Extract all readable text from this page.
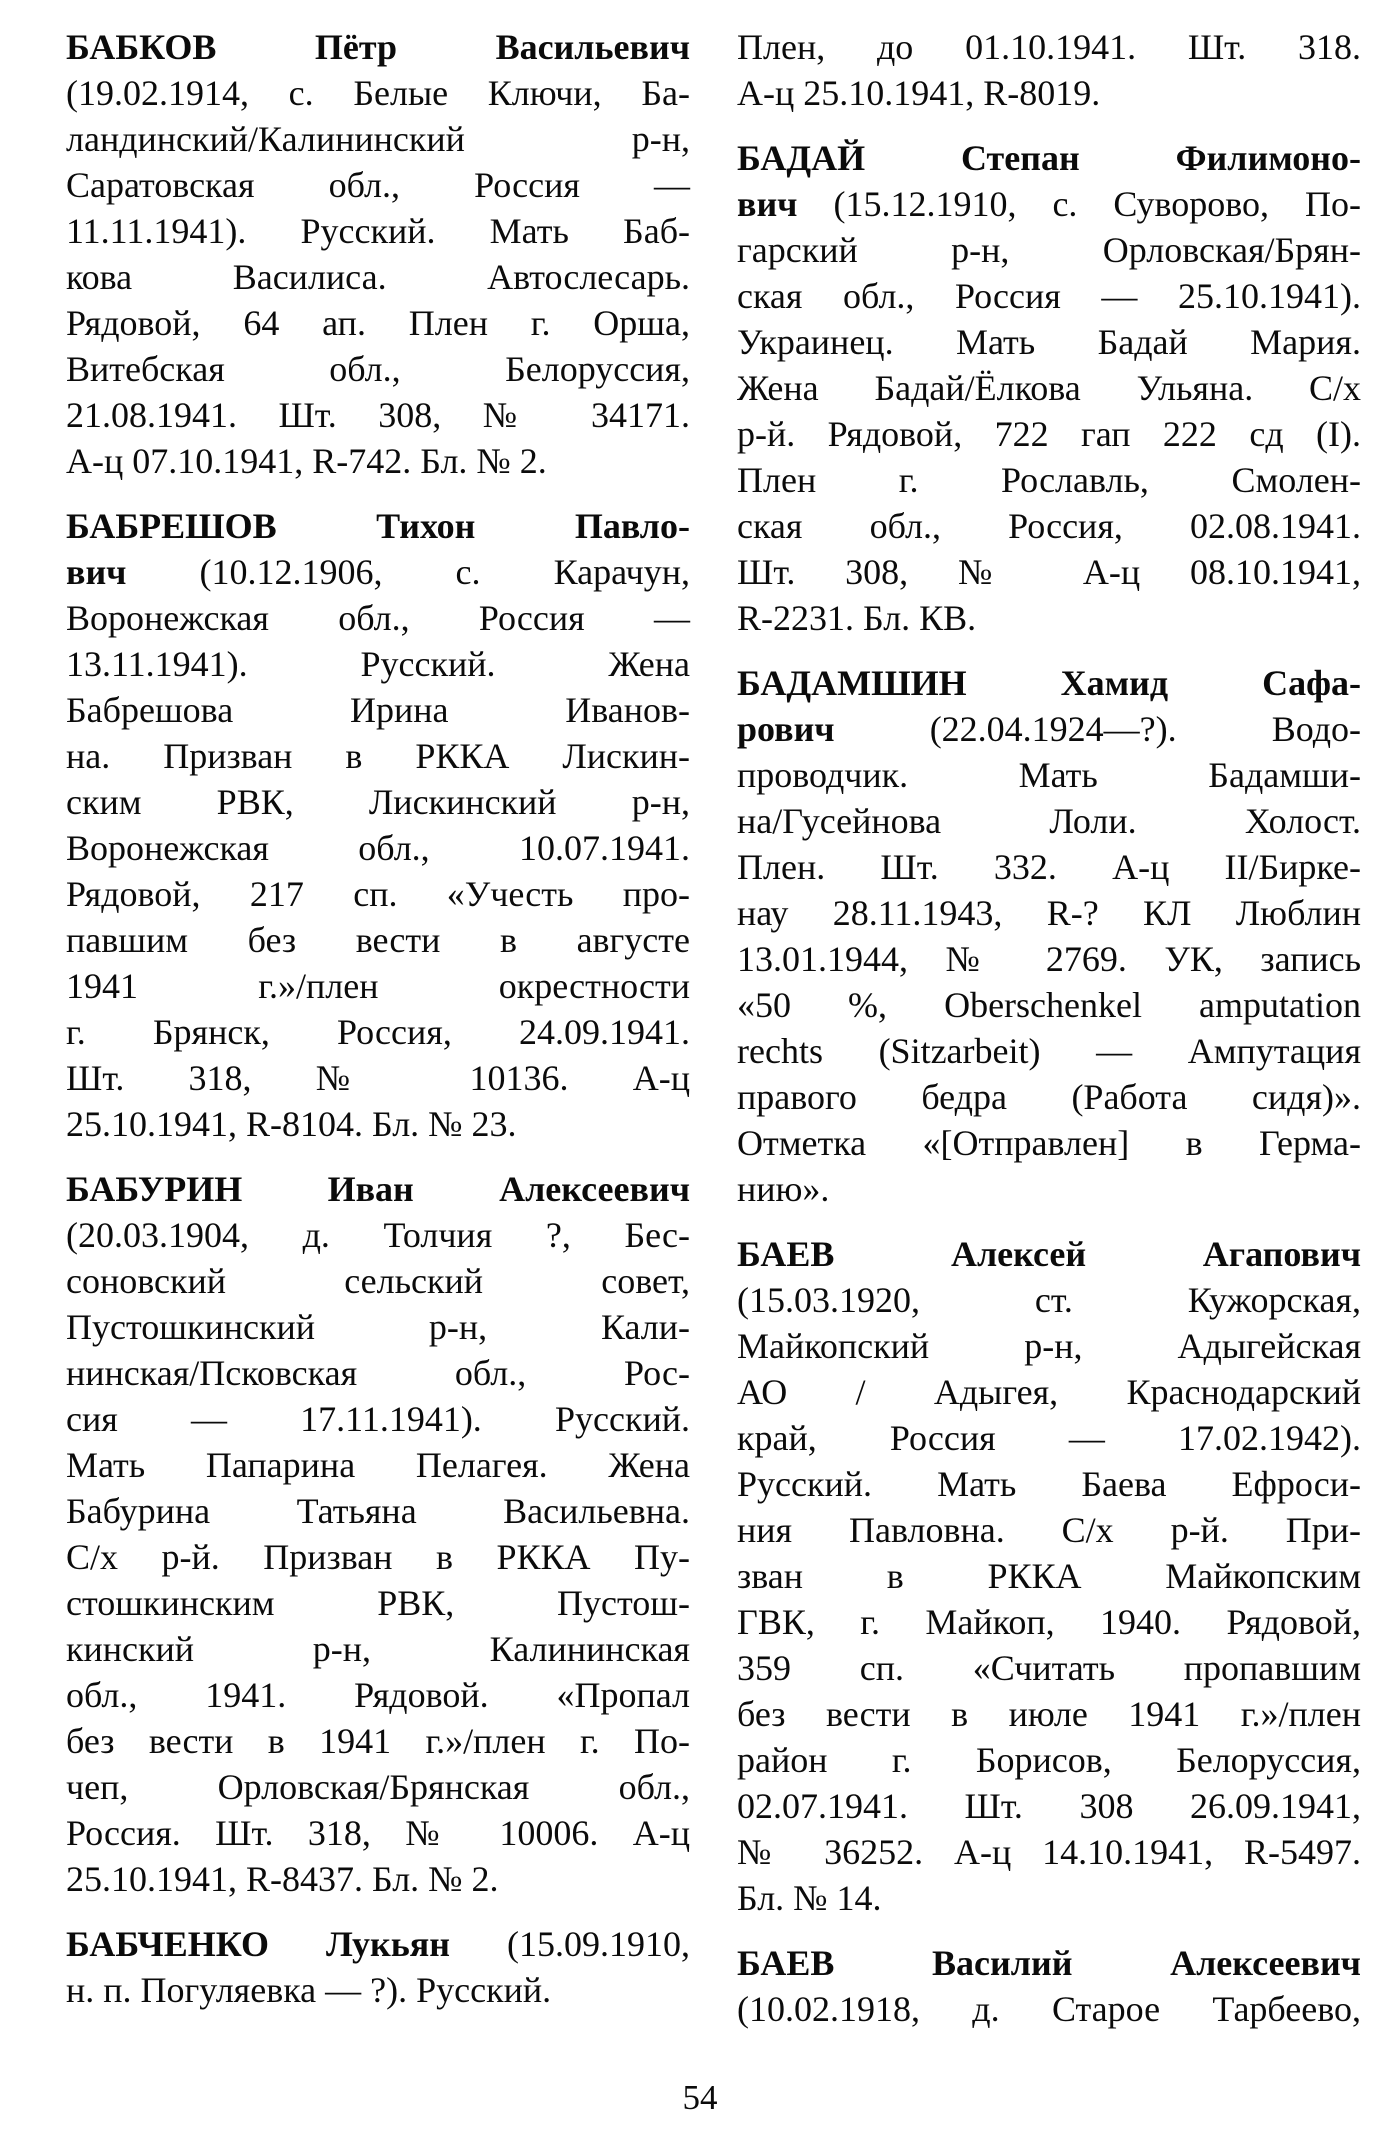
БАБКОВ Пётр Васильевич
(19.02.1914, с. Белые Ключи, Ба-
ландинский/Калининский р-н,
Саратовская обл., Россия —
11.11.1941). Русский. Мать Баб-
кова Василиса. Автослесарь.
Рядовой, 64 ап. Плен г. Орша,
Витебская обл., Белоруссия,
21.08.1941. Шт. 308, № 34171.
А-ц 07.10.1941, R-742. Бл. № 2.
БАБРЕШОВ Тихон Павло-
вич (10.12.1906, с. Карачун,
Воронежская обл., Россия —
13.11.1941). Русский. Жена
Бабрешова Ирина Иванов-
на. Призван в РККА Лискин-
ским РВК, Лискинский р-н,
Воронежская обл., 10.07.1941.
Рядовой, 217 сп. «Учесть про-
павшим без вести в августе
1941 г.»/плен окрестности
г. Брянск, Россия, 24.09.1941.
Шт. 318, № 10136. А-ц
25.10.1941, R-8104. Бл. № 23.
БАБУРИН Иван Алексеевич
(20.03.1904, д. Толчия ?, Бес-
соновский сельский совет,
Пустошкинский р-н, Кали-
нинская/Псковская обл., Рос-
сия — 17.11.1941). Русский.
Мать Папарина Пелагея. Жена
Бабурина Татьяна Васильевна.
С/х р-й. Призван в РККА Пу-
стошкинским РВК, Пустош-
кинский р-н, Калининская
обл., 1941. Рядовой. «Пропал
без вести в 1941 г.»/плен г. По-
чеп, Орловская/Брянская обл.,
Россия. Шт. 318, № 10006. А-ц
25.10.1941, R-8437. Бл. № 2.
БАБЧЕНКО Лукьян (15.09.1910,
н. п. Погуляевка — ?). Русский.
Плен, до 01.10.1941. Шт. 318.
А-ц 25.10.1941, R-8019.
БАДАЙ Степан Филимоно-
вич (15.12.1910, с. Суворово, По-
гарский р-н, Орловская/Брян-
ская обл., Россия — 25.10.1941).
Украинец. Мать Бадай Мария.
Жена Бадай/Ёлкова Ульяна. С/х
р-й. Рядовой, 722 гап 222 сд (I).
Плен г. Рославль, Смолен-
ская обл., Россия, 02.08.1941.
Шт. 308, № А-ц 08.10.1941,
R-2231. Бл. КВ.
БАДАМШИН Хамид Сафа-
рович (22.04.1924—?). Водо-
проводчик. Мать Бадамши-
на/Гусейнова Лоли. Холост.
Плен. Шт. 332. А-ц II/Бирке-
нау 28.11.1943, R-? КЛ Люблин
13.01.1944, № 2769. УК, запись
«50 %, Oberschenkel amputation
rechts (Sitzarbeit) — Ампутация
правого бедра (Работа сидя)».
Отметка «[Отправлен] в Герма-
нию».
БАЕВ Алексей Агапович
(15.03.1920, ст. Кужорская,
Майкопский р-н, Адыгейская
АО / Адыгея, Краснодарский
край, Россия — 17.02.1942).
Русский. Мать Баева Ефроси-
ния Павловна. С/х р-й. При-
зван в РККА Майкопским
ГВК, г. Майкоп, 1940. Рядовой,
359 сп. «Считать пропавшим
без вести в июле 1941 г.»/плен
район г. Борисов, Белоруссия,
02.07.1941. Шт. 308 26.09.1941,
№ 36252. А-ц 14.10.1941, R-5497.
Бл. № 14.
БАЕВ Василий Алексеевич
(10.02.1918, д. Старое Тарбеево,
54
